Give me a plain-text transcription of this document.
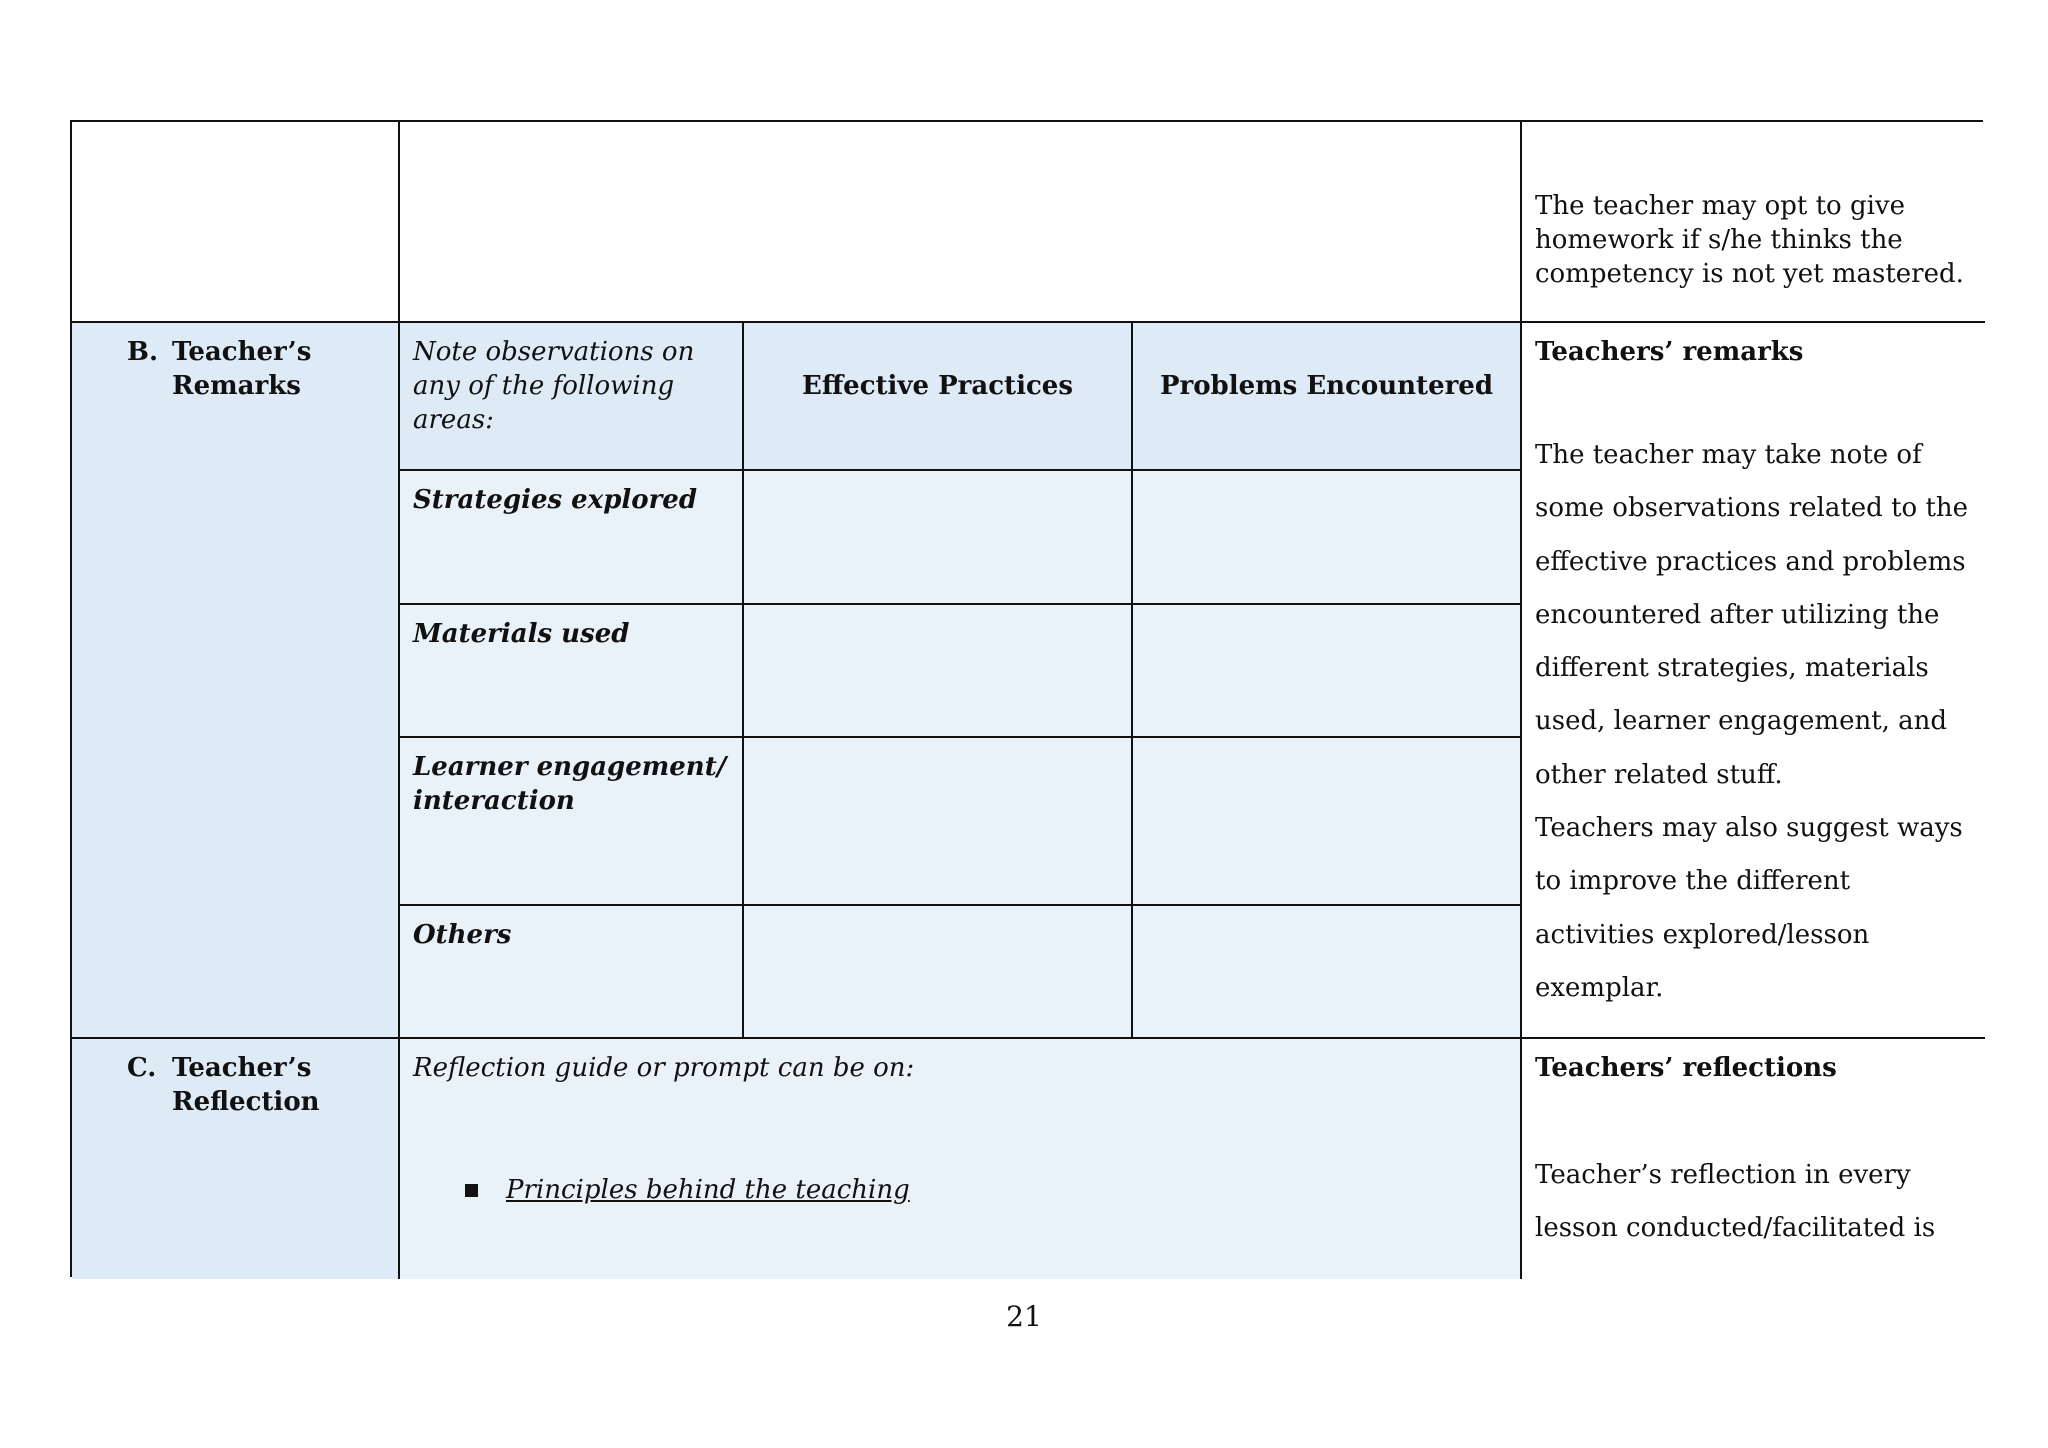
The teacher may opt to give homework if s/he thinks the competency is not yet mastered.
B. Teacher’s Remarks
Note observations on any of the following areas:
Effective Practices	Problems Encountered
Teachers’ remarks
The teacher may take note of some observations related to the effective practices and problems encountered after utilizing the different strategies, materials used, learner engagement, and other related stuff.
Teachers may also suggest ways to improve the different activities explored/lesson exemplar.
Strategies explored
Materials used
Learner engagement/ interaction
Others
C. Teacher’s Reflection
Reflection guide or prompt can be on:
Principles behind the teaching
Teachers’ reflections
Teacher’s reflection in every lesson conducted/facilitated is
21
